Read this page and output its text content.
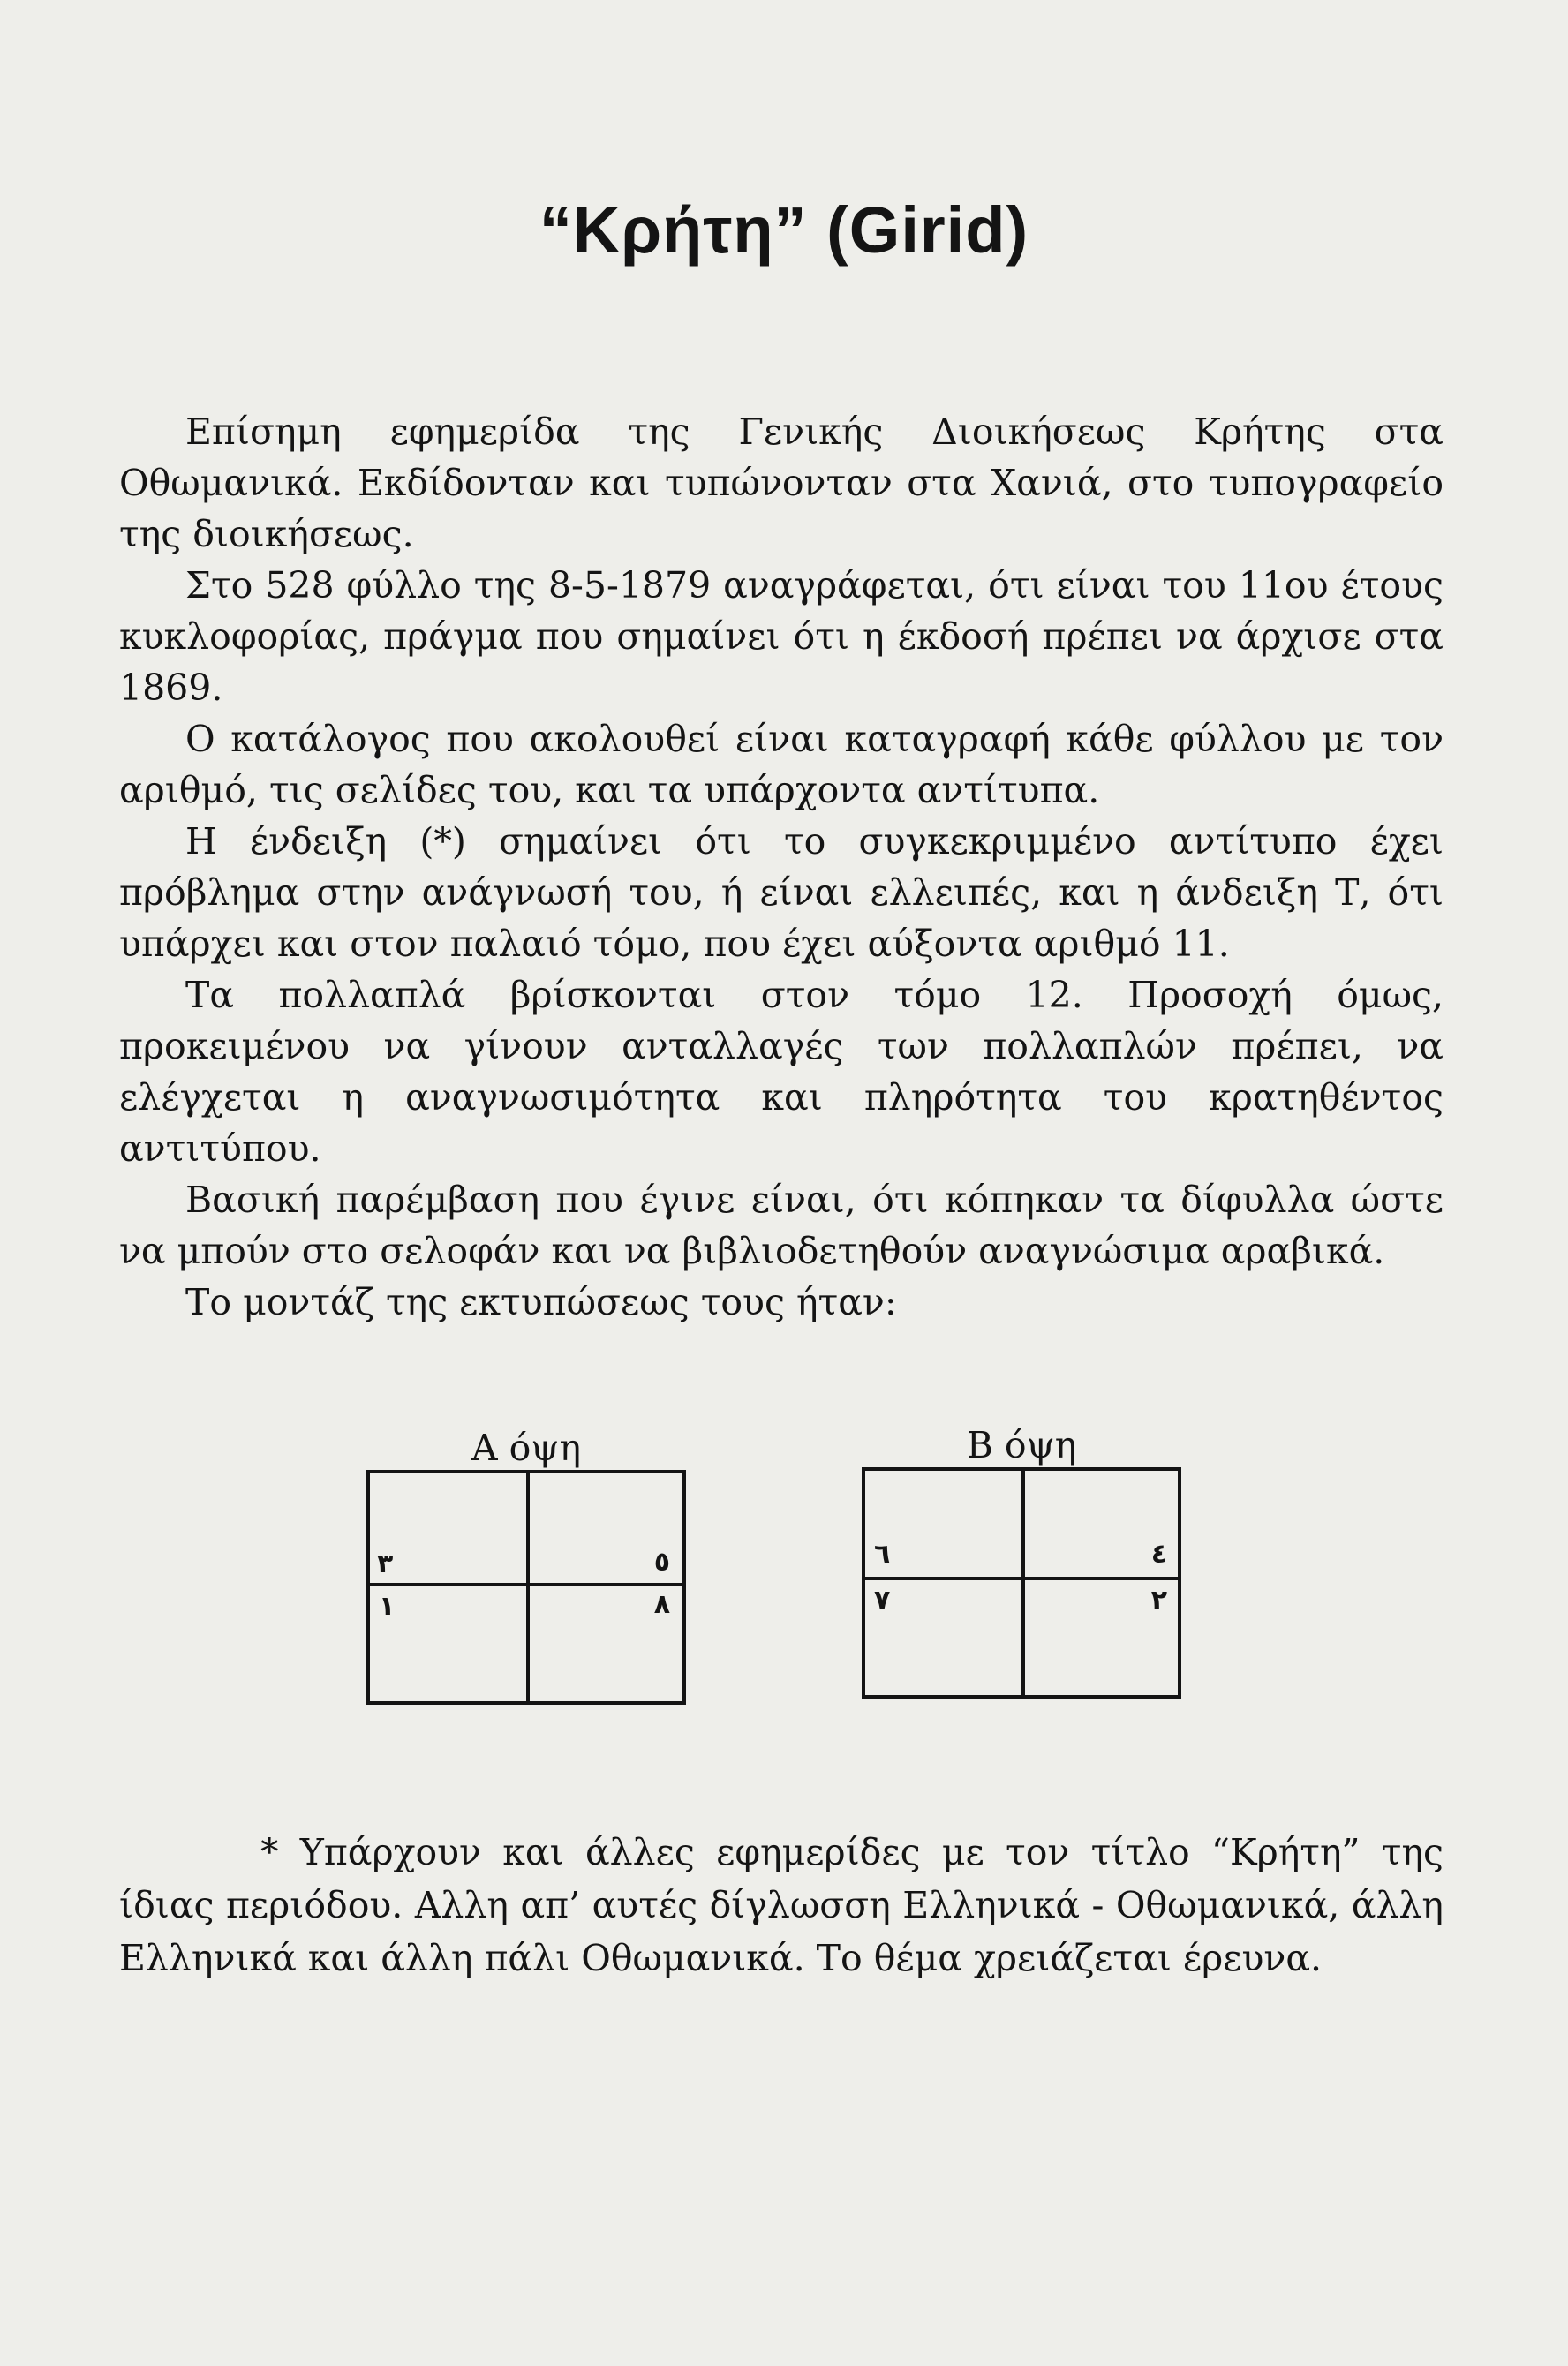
“Κρήτη” (Girid)

Επίσημη εφημερίδα της Γενικής Διοικήσεως Κρήτης στα Οθωμανικά. Εκδίδονταν και τυπώνονταν στα Χανιά, στο τυπογραφείο της διοικήσεως.

Στο 528 φύλλο της 8-5-1879 αναγράφεται, ότι είναι του 11ου έτους κυκλοφορίας, πράγμα που σημαίνει ότι η έκδοσή πρέπει να άρχισε στα 1869.

Ο κατάλογος που ακολουθεί είναι καταγραφή κάθε φύλλου με τον αριθμό, τις σελίδες του, και τα υπάρχοντα αντίτυπα.

Η ένδειξη (*) σημαίνει ότι το συγκεκριμμένο αντίτυπο έχει πρόβλημα στην ανάγνωσή του, ή είναι ελλειπές, και η άνδειξη Τ, ότι υπάρχει και στον παλαιό τόμο, που έχει αύξοντα αριθμό 11.

Τα πολλαπλά βρίσκονται στον τόμο 12. Προσοχή όμως, προκειμένου να γίνουν ανταλλαγές των πολλαπλών πρέπει, να ελέγχεται η αναγνωσιμότητα και πληρότητα του κρατηθέντος αντιτύπου.

Βασική παρέμβαση που έγινε είναι, ότι κόπηκαν τα δίφυλλα ώστε να μπούν στο σελοφάν και να βιβλιοδετηθούν αναγνώσιμα αραβικά.

Το μοντάζ της εκτυπώσεως τους ήταν:

Α όψη
٣	٥
١	٨
Β όψη
٦	٤
٧	٢

* Υπάρχουν και άλλες εφημερίδες με τον τίτλο “Κρήτη” της ίδιας περιόδου. Αλλη απ’ αυτές δίγλωσση Ελληνικά - Οθωμανικά, άλλη Ελληνικά και άλλη πάλι Οθωμανικά. Το θέμα χρειάζεται έρευνα.
